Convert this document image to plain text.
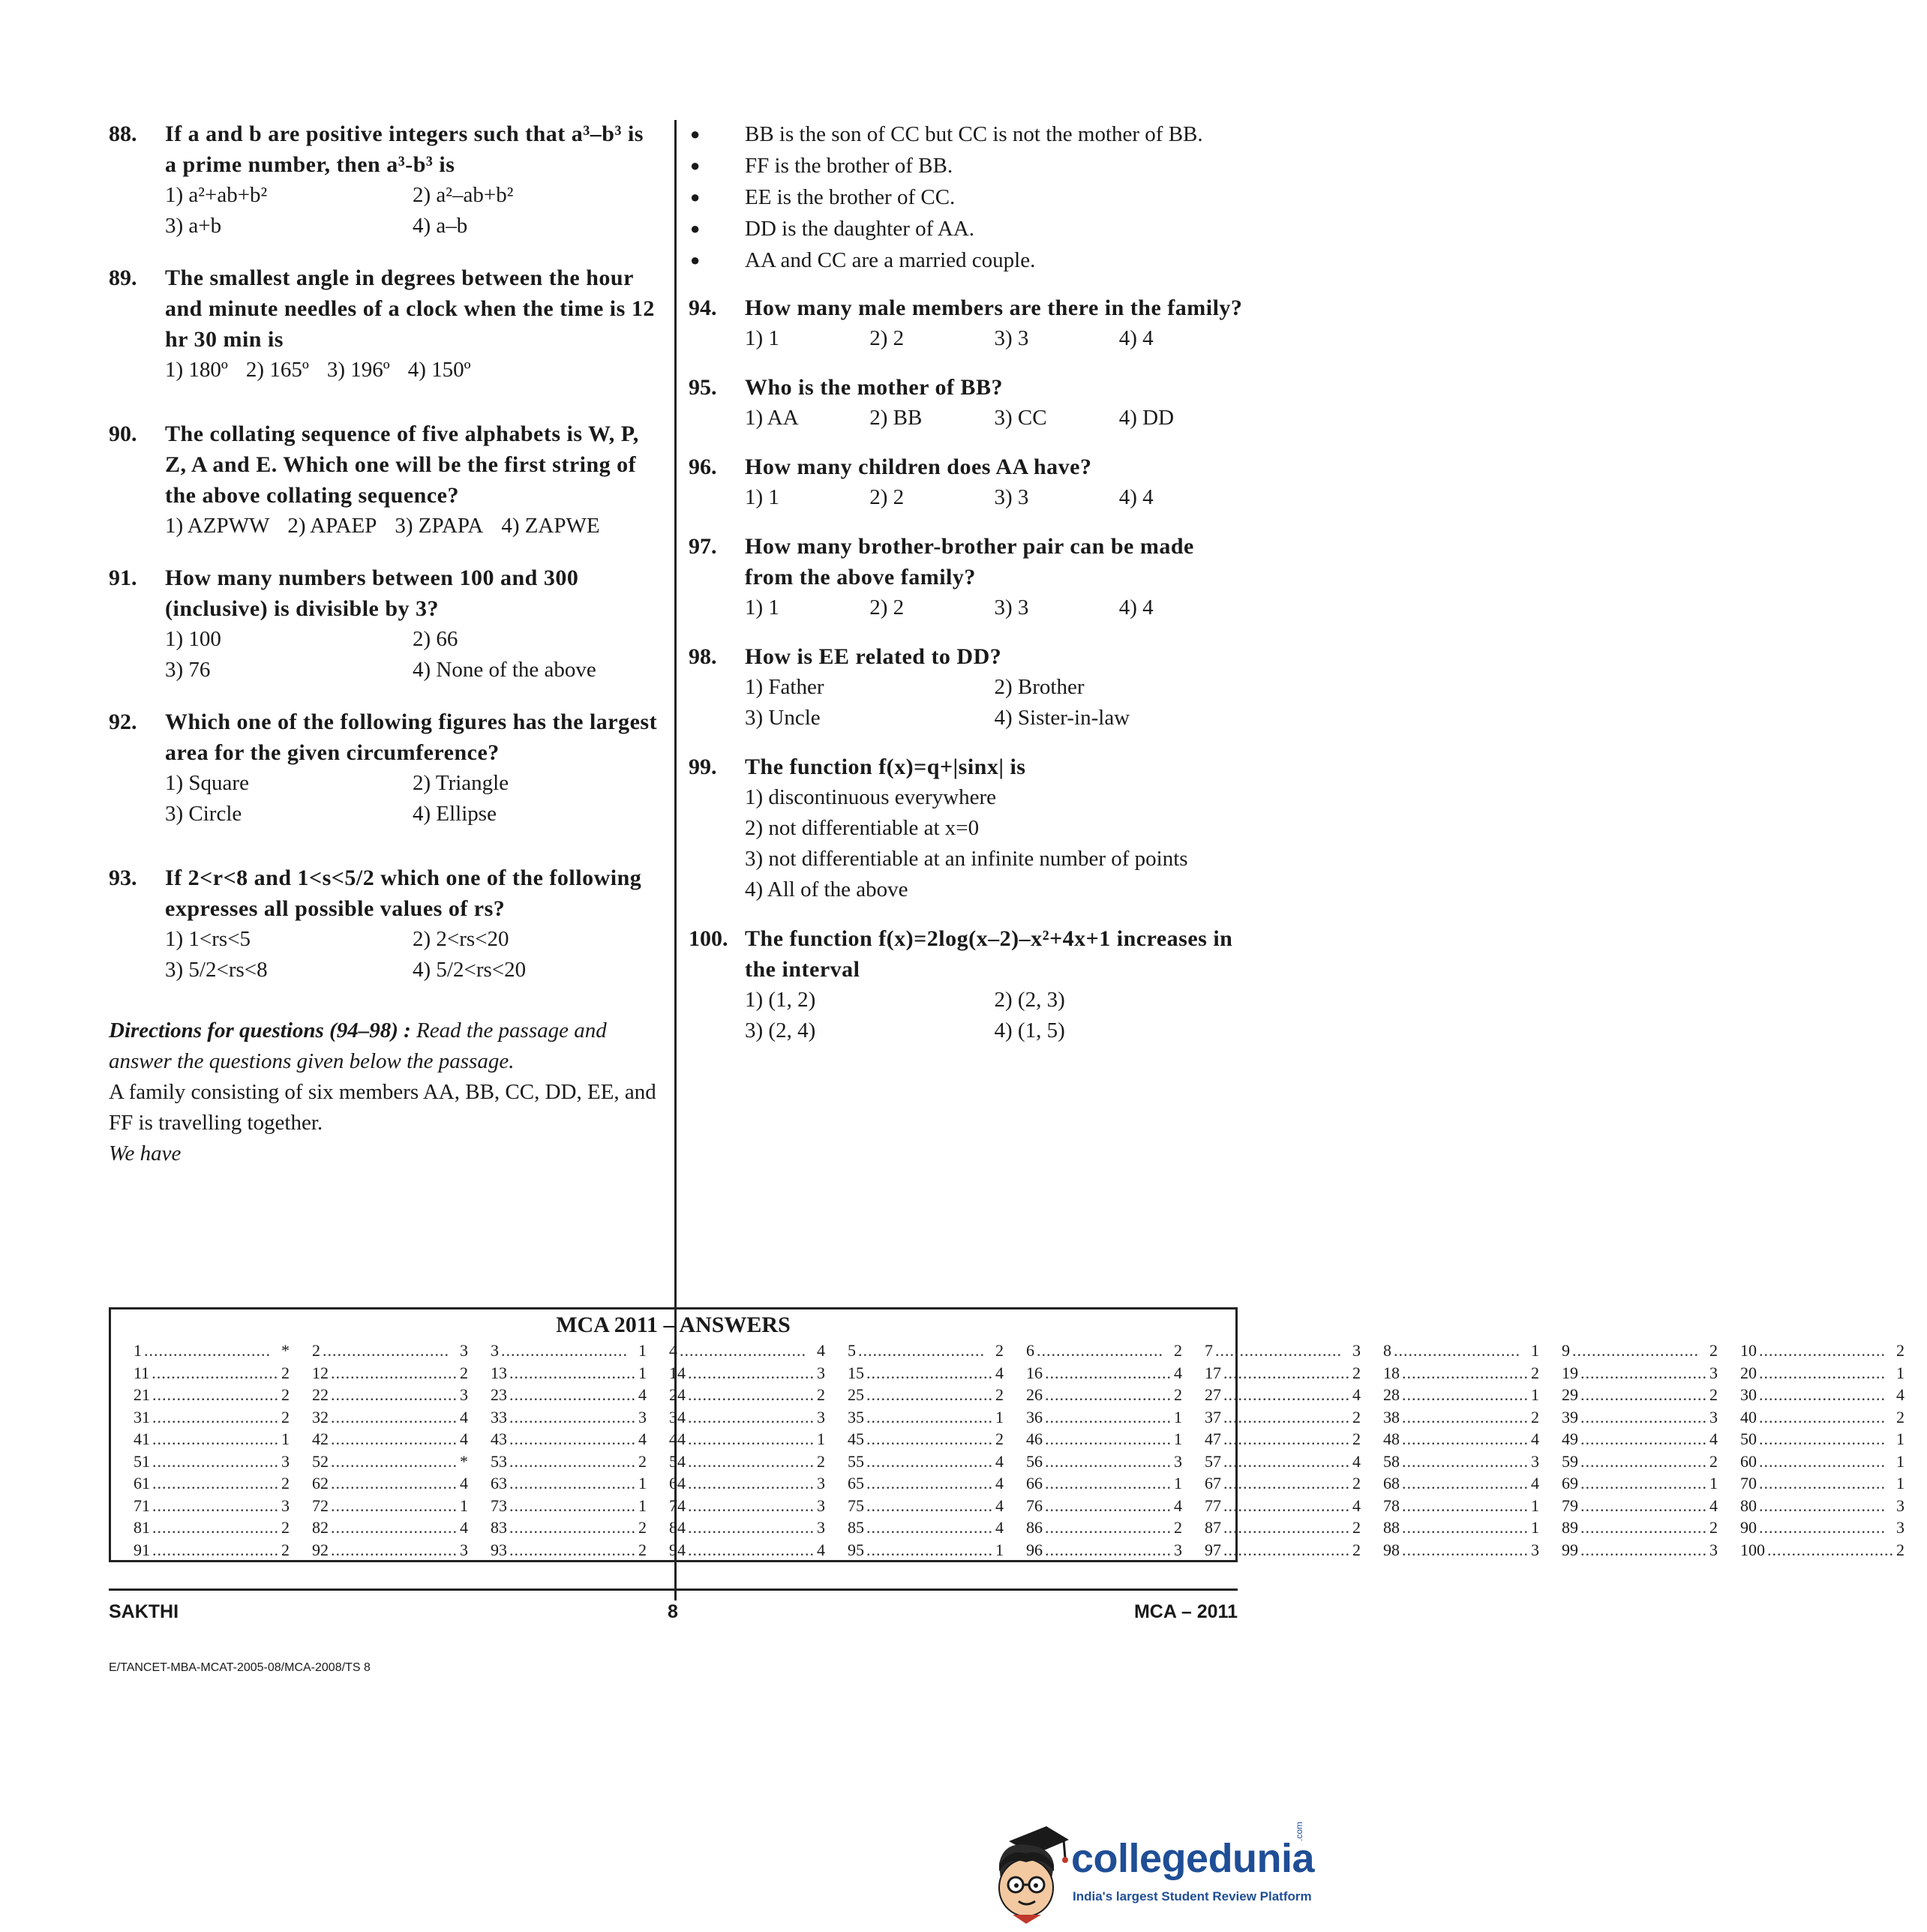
88. If a and b are positive integers such that a³–b³ is a prime number, then a³-b³ is
1) a²+ab+b²	2) a²–ab+b²
3) a+b	4) a–b
89. The smallest angle in degrees between the hour and minute needles of a clock when the time is 12 hr 30 min is
1) 180º 2) 165º 3) 196º 4) 150º
90. The collating sequence of five alphabets is W, P, Z, A and E. Which one will be the first string of the above collating sequence?
1) AZPWW 2) APAEP 3) ZPAPA 4) ZAPWE
91. How many numbers between 100 and 300 (inclusive) is divisible by 3?
1) 100	2) 66
3) 76	4) None of the above
92. Which one of the following figures has the largest area for the given circumference?
1) Square	2) Triangle
3) Circle	4) Ellipse
93. If 2<r<8 and 1<s<5/2 which one of the following expresses all possible values of rs?
1) 1<rs<5	2) 2<rs<20
3) 5/2<rs<8	4) 5/2<rs<20
Directions for questions (94–98) : Read the passage and answer the questions given below the passage.
A family consisting of six members AA, BB, CC, DD, EE, and FF is travelling together.
We have
● BB is the son of CC but CC is not the mother of BB.
● FF is the brother of BB.
● EE is the brother of CC.
● DD is the daughter of AA.
● AA and CC are a married couple.
94. How many male members are there in the family?
1) 1	2) 2	3) 3	4) 4
95. Who is the mother of BB?
1) AA	2) BB	3) CC	4) DD
96. How many children does AA have?
1) 1	2) 2	3) 3	4) 4
97. How many brother-brother pair can be made from the above family?
1) 1	2) 2	3) 3	4) 4
98. How is EE related to DD?
1) Father	2) Brother
3) Uncle	4) Sister-in-law
99. The function f(x)=q+|sinx| is
1) discontinuous everywhere
2) not differentiable at x=0
3) not differentiable at an infinite number of points
4) All of the above
100. The function f(x)=2log(x–2)–x²+4x+1 increases in the interval
1) (1, 2)	2) (2, 3)
3) (2, 4)	4) (1, 5)
MCA 2011 – ANSWERS
1 .......................... * 2 .......................... 3 3 .......................... 1 4 .......................... 4 5 .......................... 2 6 .......................... 2 7 .......................... 3 8 .......................... 1 9 .......................... 2 10 .......................... 2
11 .......................... 2 12 .......................... 2 13 .......................... 1 14 .......................... 3 15 .......................... 4 16 .......................... 4 17 .......................... 2 18 .......................... 2 19 .......................... 3 20 .......................... 1
21 .......................... 2 22 .......................... 3 23 .......................... 4 24 .......................... 2 25 .......................... 2 26 .......................... 2 27 .......................... 4 28 .......................... 1 29 .......................... 2 30 .......................... 4
31 .......................... 2 32 .......................... 4 33 .......................... 3 34 .......................... 3 35 .......................... 1 36 .......................... 1 37 .......................... 2 38 .......................... 2 39 .......................... 3 40 .......................... 2
41 .......................... 1 42 .......................... 4 43 .......................... 4 44 .......................... 1 45 .......................... 2 46 .......................... 1 47 .......................... 2 48 .......................... 4 49 .......................... 4 50 .......................... 1
51 .......................... 3 52 .......................... * 53 .......................... 2 54 .......................... 2 55 .......................... 4 56 .......................... 3 57 .......................... 4 58 .......................... 3 59 .......................... 2 60 .......................... 1
61 .......................... 2 62 .......................... 4 63 .......................... 1 64 .......................... 3 65 .......................... 4 66 .......................... 1 67 .......................... 2 68 .......................... 4 69 .......................... 1 70 .......................... 1
71 .......................... 3 72 .......................... 1 73 .......................... 1 74 .......................... 3 75 .......................... 4 76 .......................... 4 77 .......................... 4 78 .......................... 1 79 .......................... 4 80 .......................... 3
81 .......................... 2 82 .......................... 4 83 .......................... 2 84 .......................... 3 85 .......................... 4 86 .......................... 2 87 .......................... 2 88 .......................... 1 89 .......................... 2 90 .......................... 3
91 .......................... 2 92 .......................... 3 93 .......................... 2 94 .......................... 4 95 .......................... 1 96 .......................... 3 97 .......................... 2 98 .......................... 3 99 .......................... 3 100 .......................... 2
SAKTHI	8	MCA – 2011
E/TANCET-MBA-MCAT-2005-08/MCA-2008/TS 8
collegedunia
.com
India's largest Student Review Platform
